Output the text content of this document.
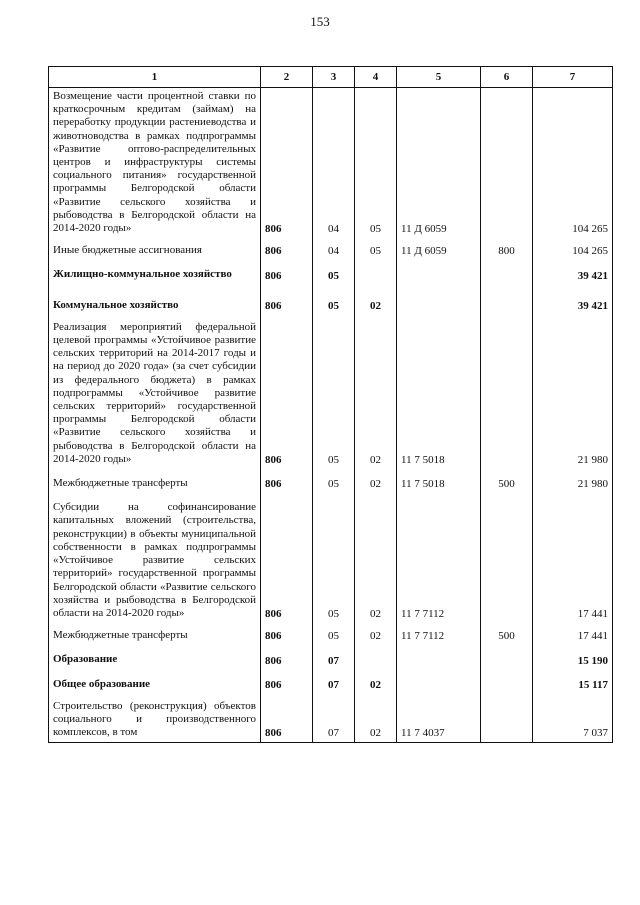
153
1	2	3	4	5	6	7
Возмещение части процентной ставки по краткосрочным кредитам (займам) на переработку продукции растениеводства и животноводства в рамках подпрограммы «Развитие оптово-распределительных центров и инфраструктуры системы социального питания» государственной программы Белгородской области «Развитие сельского хозяйства и рыбоводства в Белгородской области на 2014-2020 годы»	806	04	05	11 Д 6059		104 265
Иные бюджетные ассигнования	806	04	05	11 Д 6059	800	104 265
Жилищно-коммунальное хозяйство	806	05				39 421
Коммунальное хозяйство	806	05	02			39 421
Реализация мероприятий федеральной целевой программы «Устойчивое развитие сельских территорий на 2014-2017 годы и на период до 2020 года» (за счет субсидии из федерального бюджета) в рамках подпрограммы «Устойчивое развитие сельских территорий» государственной программы Белгородской области «Развитие сельского хозяйства и рыбоводства в Белгородской области на 2014-2020 годы»	806	05	02	11 7 5018		21 980
Межбюджетные трансферты	806	05	02	11 7 5018	500	21 980
Субсидии на софинансирование капитальных вложений (строительства, реконструкции) в объекты муниципальной собственности в рамках подпрограммы «Устойчивое развитие сельских территорий» государственной программы Белгородской области «Развитие сельского хозяйства и рыбоводства в Белгородской области на 2014-2020 годы»	806	05	02	11 7 7112		17 441
Межбюджетные трансферты	806	05	02	11 7 7112	500	17 441
Образование	806	07				15 190
Общее образование	806	07	02			15 117
Строительство (реконструкция) объектов социального и производственного комплексов, в том	806	07	02	11 7 4037		7 037
